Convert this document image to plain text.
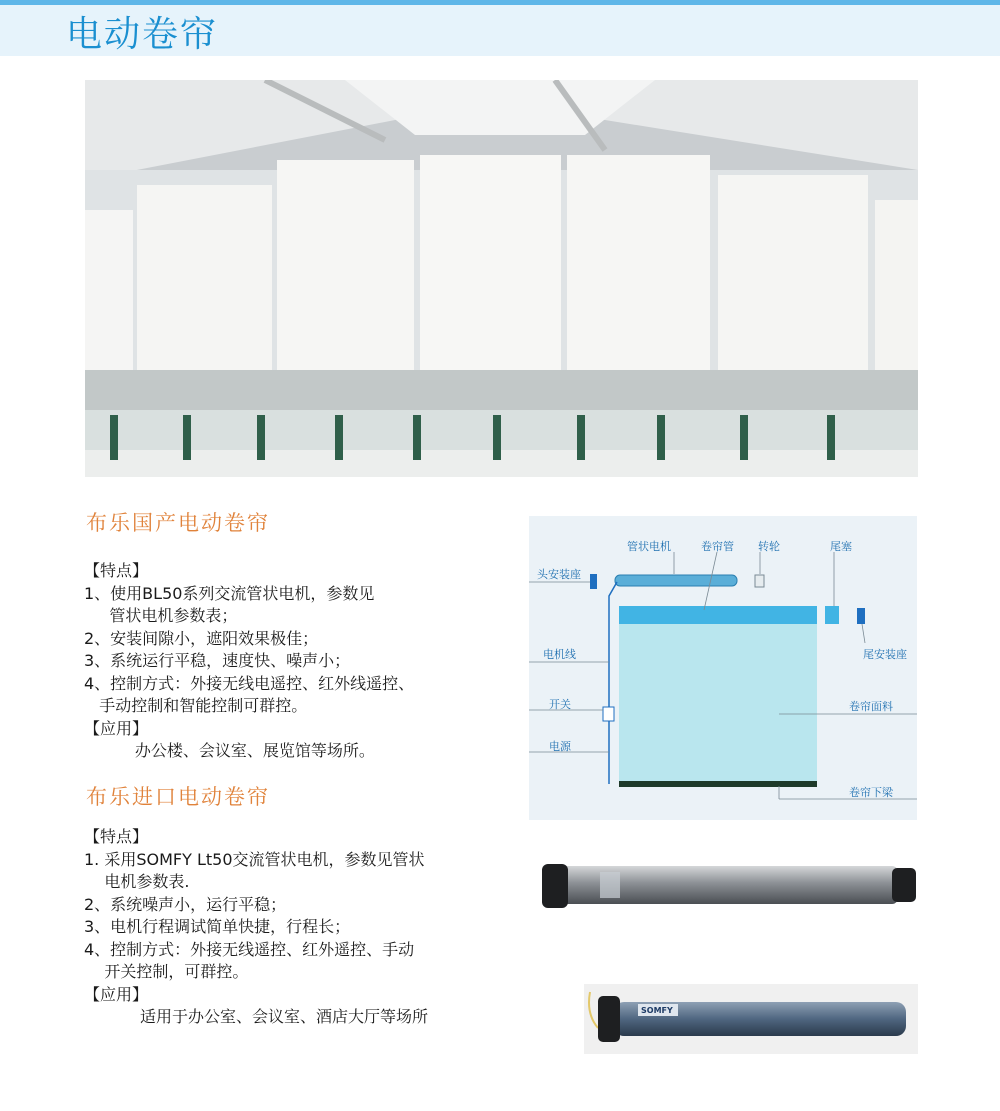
电动卷帘
布乐国产电动卷帘
【特点】
1、使用BL50系列交流管状电机，参数见
管状电机参数表；
2、安装间隙小，遮阳效果极佳；
3、系统运行平稳，速度快、噪声小；
4、控制方式：外接无线电遥控、红外线遥控、
手动控制和智能控制可群控。
【应用】
办公楼、会议室、展览馆等场所。
管状电机	卷帘管 转轮	尾塞
头安装座
尾安装座
电机线
卷帘面料
开关
电源
卷帘下梁
布乐进口电动卷帘
【特点】
1. 采用SOMFY Lt50交流管状电机，参数见管状
电机参数表.
2、系统噪声小，运行平稳；
3、电机行程调试简单快捷，行程长；
4、控制方式：外接无线遥控、红外遥控、手动
开关控制，可群控。
【应用】
适用于办公室、会议室、酒店大厅等场所	SOMFY
